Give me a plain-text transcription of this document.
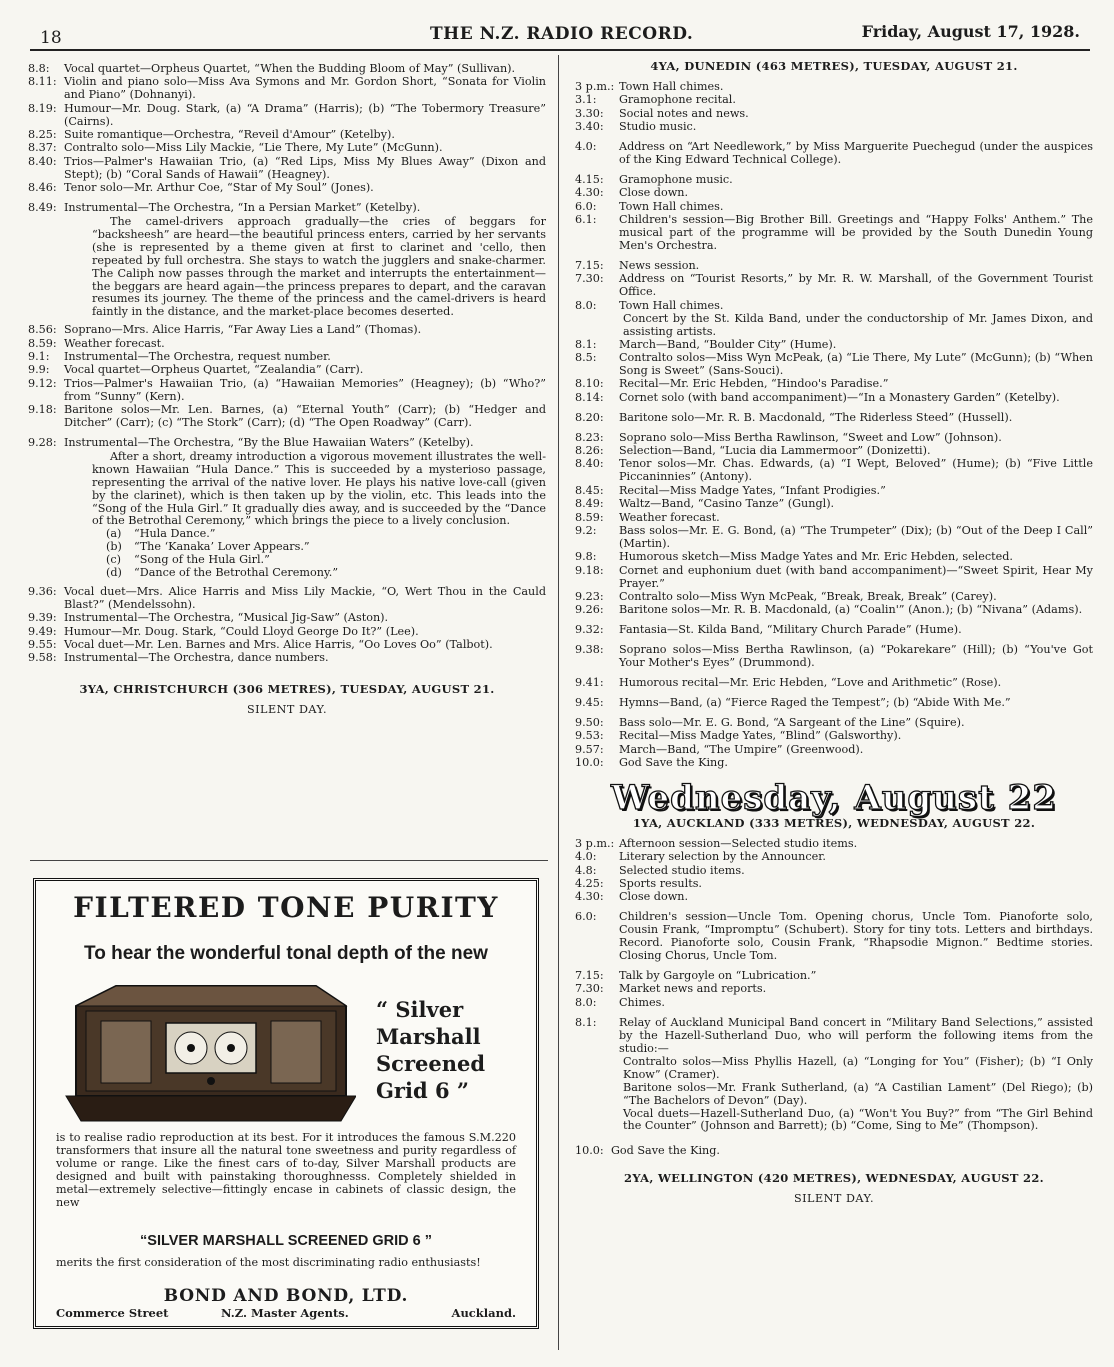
18	THE N.Z. RADIO RECORD.	Friday, August 17, 1928.
8.8:	Vocal quartet—Orpheus Quartet, “When the Budding Bloom of May” (Sullivan).
8.11: Violin and piano solo—Miss Ava Symons and Mr. Gordon Short, “Sonata for Violin and Piano” (Dohnanyi).
8.19: Humour—Mr. Doug. Stark, (a) “A Drama” (Harris); (b) “The Tobermory Treasure” (Cairns).
8.25: Suite romantique—Orchestra, “Reveil d'Amour” (Ketelby).
8.37: Contralto solo—Miss Lily Mackie, “Lie There, My Lute” (McGunn).
8.40: Trios—Palmer's Hawaiian Trio, (a) “Red Lips, Miss My Blues Away” (Dixon and Stept); (b) “Coral Sands of Hawaii” (Heagney).
8.46: Tenor solo—Mr. Arthur Coe, “Star of My Soul” (Jones).
8.49: Instrumental—The Orchestra, “In a Persian Market” (Ketelby).
The camel-drivers approach gradually—the cries of beggars for “backsheesh” are heard—the beautiful princess enters, carried by her servants (she is represented by a theme given at first to clarinet and 'cello, then repeated by full orchestra. She stays to watch the jugglers and snake-charmer. The Caliph now passes through the market and interrupts the entertainment—the beggars are heard again—the princess prepares to depart, and the caravan resumes its journey. The theme of the princess and the camel-drivers is heard faintly in the distance, and the market-place becomes deserted.
8.56: Soprano—Mrs. Alice Harris, “Far Away Lies a Land” (Thomas).
8.59: Weather forecast.
9.1:	Instrumental—The Orchestra, request number.
9.9:	Vocal quartet—Orpheus Quartet, “Zealandia” (Carr).
9.12: Trios—Palmer's Hawaiian Trio, (a) “Hawaiian Memories” (Heagney); (b) “Who?” from “Sunny” (Kern).
9.18: Baritone solos—Mr. Len. Barnes, (a) “Eternal Youth” (Carr); (b) “Hedger and Ditcher” (Carr); (c) “The Stork” (Carr); (d) “The Open Roadway” (Carr).
9.28: Instrumental—The Orchestra, “By the Blue Hawaiian Waters” (Ketelby).
After a short, dreamy introduction a vigorous movement illustrates the well-known Hawaiian “Hula Dance.” This is succeeded by a mysterioso passage, representing the arrival of the native lover. He plays his native love-call (given by the clarinet), which is then taken up by the violin, etc. This leads into the “Song of the Hula Girl.” It gradually dies away, and is succeeded by the “Dance of the Betrothal Ceremony,” which brings the piece to a lively conclusion.
(a)	“Hula Dance.”
(b)	“The ‘Kanaka’ Lover Appears.”
(c)	“Song of the Hula Girl.”
(d)	“Dance of the Betrothal Ceremony.”
9.36: Vocal duet—Mrs. Alice Harris and Miss Lily Mackie, “O, Wert Thou in the Cauld Blast?” (Mendelssohn).
9.39: Instrumental—The Orchestra, “Musical Jig-Saw” (Aston).
9.49: Humour—Mr. Doug. Stark, “Could Lloyd George Do It?” (Lee).
9.55: Vocal duet—Mr. Len. Barnes and Mrs. Alice Harris, “Oo Loves Oo” (Talbot).
9.58: Instrumental—The Orchestra, dance numbers.
3YA, CHRISTCHURCH (306 METRES), TUESDAY, AUGUST 21.
SILENT DAY.
FILTERED TONE PURITY
To hear the wonderful tonal depth of the new
“ Silver
Marshall
Screened
Grid 6 ”
is to realise radio reproduction at its best. For it introduces the famous S.M.220 transformers that insure all the natural tone sweetness and purity regardless of volume or range. Like the finest cars of to-day, Silver Marshall products are designed and built with painstaking thoroughnesss. Completely shielded in metal—extremely selective—fittingly encase in cabinets of classic design, the new
“SILVER MARSHALL SCREENED GRID 6 ”
merits the first consideration of the most discriminating radio enthusiasts!
BOND AND BOND, LTD.
Commerce Street	N.Z. Master Agents.	Auckland.
4YA, DUNEDIN (463 METRES), TUESDAY, AUGUST 21.
3 p.m.: Town Hall chimes.
3.1:	Gramophone recital.
3.30:	Social notes and news.
3.40:	Studio music.
4.0:	Address on “Art Needlework,” by Miss Marguerite Puechegud (under the auspices of the King Edward Technical College).
4.15:	Gramophone music.
4.30:	Close down.
6.0:	Town Hall chimes.
6.1:	Children's session—Big Brother Bill. Greetings and “Happy Folks' Anthem.” The musical part of the programme will be provided by the South Dunedin Young Men's Orchestra.
7.15:	News session.
7.30:	Address on “Tourist Resorts,” by Mr. R. W. Marshall, of the Government Tourist Office.
8.0:	Town Hall chimes.
Concert by the St. Kilda Band, under the conductorship of Mr. James Dixon, and assisting artists.
8.1:	March—Band, “Boulder City” (Hume).
8.5:	Contralto solos—Miss Wyn McPeak, (a) “Lie There, My Lute” (McGunn); (b) “When Song is Sweet” (Sans-Souci).
8.10:	Recital—Mr. Eric Hebden, “Hindoo's Paradise.”
8.14:	Cornet solo (with band accompaniment)—“In a Monastery Garden” (Ketelby).
8.20:	Baritone solo—Mr. R. B. Macdonald, “The Riderless Steed” (Hussell).
8.23:	Soprano solo—Miss Bertha Rawlinson, “Sweet and Low” (Johnson).
8.26:	Selection—Band, “Lucia dia Lammermoor” (Donizetti).
8.40:	Tenor solos—Mr. Chas. Edwards, (a) “I Wept, Beloved” (Hume); (b) “Five Little Piccaninnies” (Antony).
8.45:	Recital—Miss Madge Yates, “Infant Prodigies.”
8.49:	Waltz—Band, “Casino Tanze” (Gungl).
8.59:	Weather forecast.
9.2:	Bass solos—Mr. E. G. Bond, (a) “The Trumpeter” (Dix); (b) “Out of the Deep I Call” (Martin).
9.8:	Humorous sketch—Miss Madge Yates and Mr. Eric Hebden, selected.
9.18:	Cornet and euphonium duet (with band accompaniment)—“Sweet Spirit, Hear My Prayer.”
9.23:	Contralto solo—Miss Wyn McPeak, “Break, Break, Break” (Carey).
9.26:	Baritone solos—Mr. R. B. Macdonald, (a) “Coalin'” (Anon.); (b) “Nivana” (Adams).
9.32:	Fantasia—St. Kilda Band, “Military Church Parade” (Hume).
9.38:	Soprano solos—Miss Bertha Rawlinson, (a) “Pokarekare” (Hill); (b) “You've Got Your Mother's Eyes” (Drummond).
9.41:	Humorous recital—Mr. Eric Hebden, “Love and Arithmetic” (Rose).
9.45:	Hymns—Band, (a) “Fierce Raged the Tempest”; (b) “Abide With Me.”
9.50:	Bass solo—Mr. E. G. Bond, “A Sargeant of the Line” (Squire).
9.53:	Recital—Miss Madge Yates, “Blind” (Galsworthy).
9.57:	March—Band, “The Umpire” (Greenwood).
10.0:	God Save the King.
Wednesday, August 22
1YA, AUCKLAND (333 METRES), WEDNESDAY, AUGUST 22.
3 p.m.: Afternoon session—Selected studio items.
4.0:	Literary selection by the Announcer.
4.8:	Selected studio items.
4.25:	Sports results.
4.30:	Close down.
6.0:	Children's session—Uncle Tom. Opening chorus, Uncle Tom. Pianoforte solo, Cousin Frank, “Impromptu” (Schubert). Story for tiny tots. Letters and birthdays. Record. Pianoforte solo, Cousin Frank, “Rhapsodie Mignon.” Bedtime stories. Closing Chorus, Uncle Tom.
7.15:	Talk by Gargoyle on “Lubrication.”
7.30:	Market news and reports.
8.0:	Chimes.
8.1:	Relay of Auckland Municipal Band concert in “Military Band Selections,” assisted by the Hazell-Sutherland Duo, who will perform the following items from the studio:—
Contralto solos—Miss Phyllis Hazell, (a) “Longing for You” (Fisher); (b) “I Only Know” (Cramer).
Baritone solos—Mr. Frank Sutherland, (a) “A Castilian Lament” (Del Riego); (b) “The Bachelors of Devon” (Day).
Vocal duets—Hazell-Sutherland Duo, (a) “Won't You Buy?” from “The Girl Behind the Counter” (Johnson and Barrett); (b) “Come, Sing to Me” (Thompson).
10.0: God Save the King.
2YA, WELLINGTON (420 METRES), WEDNESDAY, AUGUST 22.
SILENT DAY.
